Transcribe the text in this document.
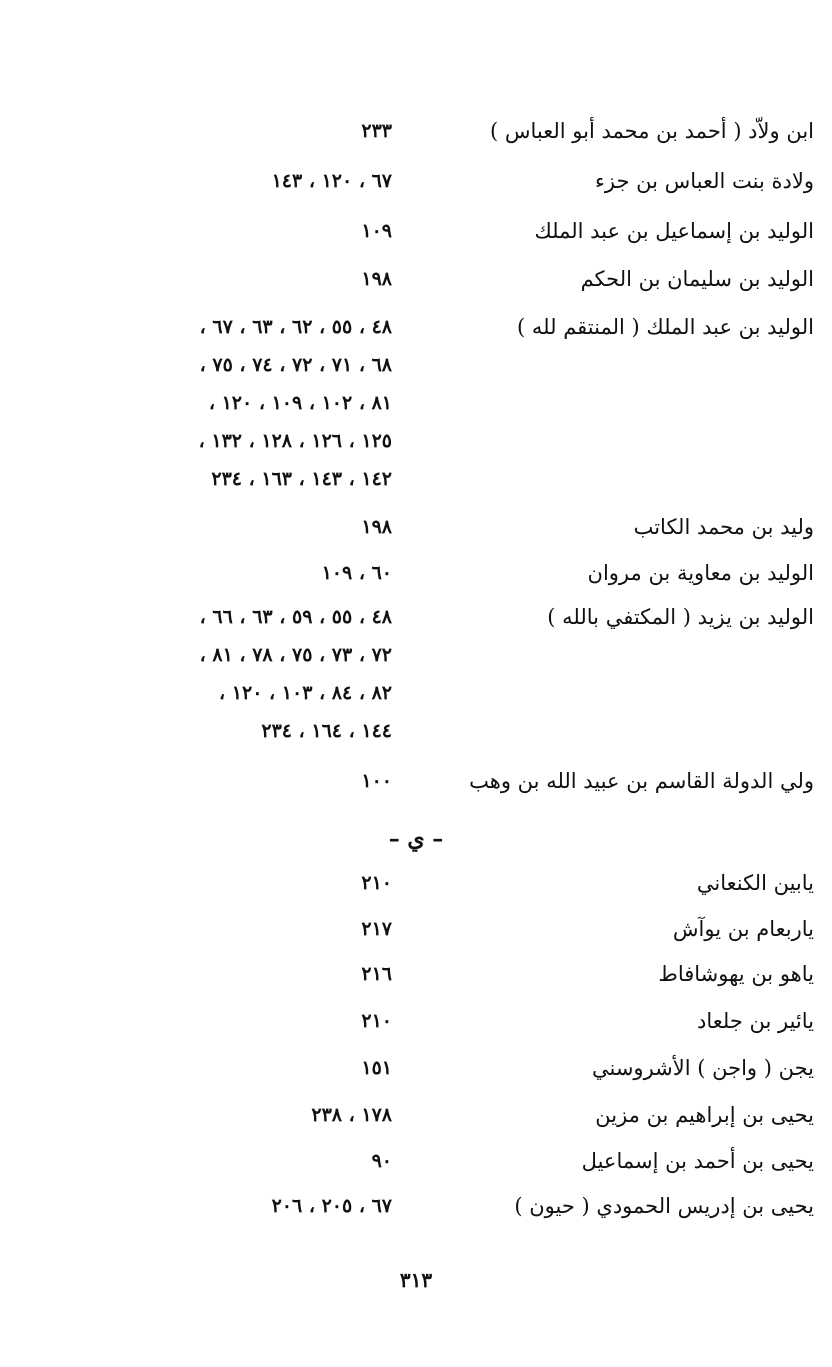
ابن ولاّد ( أحمد بن محمد أبو العباس )
٢٣٣
ولادة بنت العباس بن جزء
٦٧ ، ١٢٠ ، ١٤٣
الوليد بن إسماعيل بن عبد الملك
١٠٩
الوليد بن سليمان بن الحكم
١٩٨
الوليد بن عبد الملك ( المنتقم لله )
٤٨ ، ٥٥ ، ٦٢ ، ٦٣ ، ٦٧ ،
٦٨ ، ٧١ ، ٧٢ ، ٧٤ ، ٧٥ ،
٨١ ، ١٠٢ ، ١٠٩ ، ١٢٠ ،
١٢٥ ، ١٢٦ ، ١٢٨ ، ١٣٢ ،
١٤٢ ، ١٤٣ ، ١٦٣ ، ٢٣٤
وليد بن محمد الكاتب
١٩٨
الوليد بن معاوية بن مروان
٦٠ ، ١٠٩
الوليد بن يزيد ( المكتفي بالله )
٤٨ ، ٥٥ ، ٥٩ ، ٦٣ ، ٦٦ ،
٧٢ ، ٧٣ ، ٧٥ ، ٧٨ ، ٨١ ،
٨٢ ، ٨٤ ، ١٠٣ ، ١٢٠ ،
١٤٤ ، ١٦٤ ، ٢٣٤
ولي الدولة القاسم بن عبيد الله بن وهب
١٠٠
– ي –
يابين الكنعاني
٢١٠
ياربعام بن يوآش
٢١٧
ياهو بن يهوشافاط
٢١٦
يائير بن جلعاد
٢١٠
يجن ( واجن ) الأشروسني
١٥١
يحيى بن إبراهيم بن مزين
١٧٨ ، ٢٣٨
يحيى بن أحمد بن إسماعيل
٩٠
يحيى بن إدريس الحمودي ( حيون )
٦٧ ، ٢٠٥ ، ٢٠٦
٣١٣
